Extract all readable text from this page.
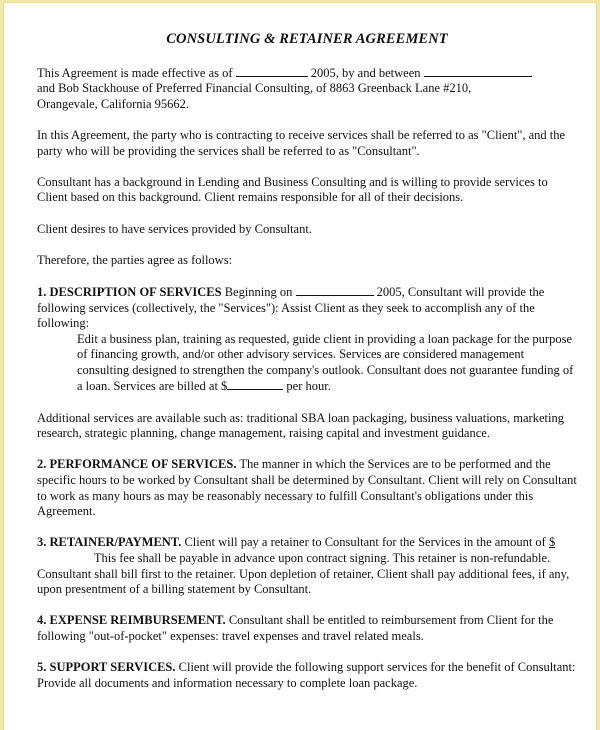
CONSULTING & RETAINER AGREEMENT

This Agreement is made effective as of	2005, by and between
and Bob Stackhouse of Preferred Financial Consulting, of 8863 Greenback Lane #210,
Orangevale, California 95662.

In this Agreement, the party who is contracting to receive services shall be referred to as "Client", and the party who will be providing the services shall be referred to as "Consultant".

Consultant has a background in Lending and Business Consulting and is willing to provide services to Client based on this background. Client remains responsible for all of their decisions.

Client desires to have services provided by Consultant.

Therefore, the parties agree as follows:

1. DESCRIPTION OF SERVICES Beginning on	2005, Consultant will provide the following services (collectively, the "Services"): Assist Client as they seek to accomplish any of the following:

Edit a business plan, training as requested, guide client in providing a loan package for the purpose of financing growth, and/or other advisory services. Services are considered management consulting designed to strengthen the company's outlook. Consultant does not guarantee funding of a loan. Services are billed at $	per hour.

Additional services are available such as: traditional SBA loan packaging, business valuations, marketing research, strategic planning, change management, raising capital and investment guidance.

2. PERFORMANCE OF SERVICES. The manner in which the Services are to be performed and the specific hours to be worked by Consultant shall be determined by Consultant. Client will rely on Consultant to work as many hours as may be reasonably necessary to fulfill Consultant's obligations under this Agreement.

3. RETAINER/PAYMENT. Client will pay a retainer to Consultant for the Services in the amount of $ This fee shall be payable in advance upon contract signing. This retainer is non-refundable. Consultant shall bill first to the retainer. Upon depletion of retainer, Client shall pay additional fees, if any, upon presentment of a billing statement by Consultant.

4. EXPENSE REIMBURSEMENT. Consultant shall be entitled to reimbursement from Client for the following "out-of-pocket" expenses: travel expenses and travel related meals.

5. SUPPORT SERVICES. Client will provide the following support services for the benefit of Consultant: Provide all documents and information necessary to complete loan package.
